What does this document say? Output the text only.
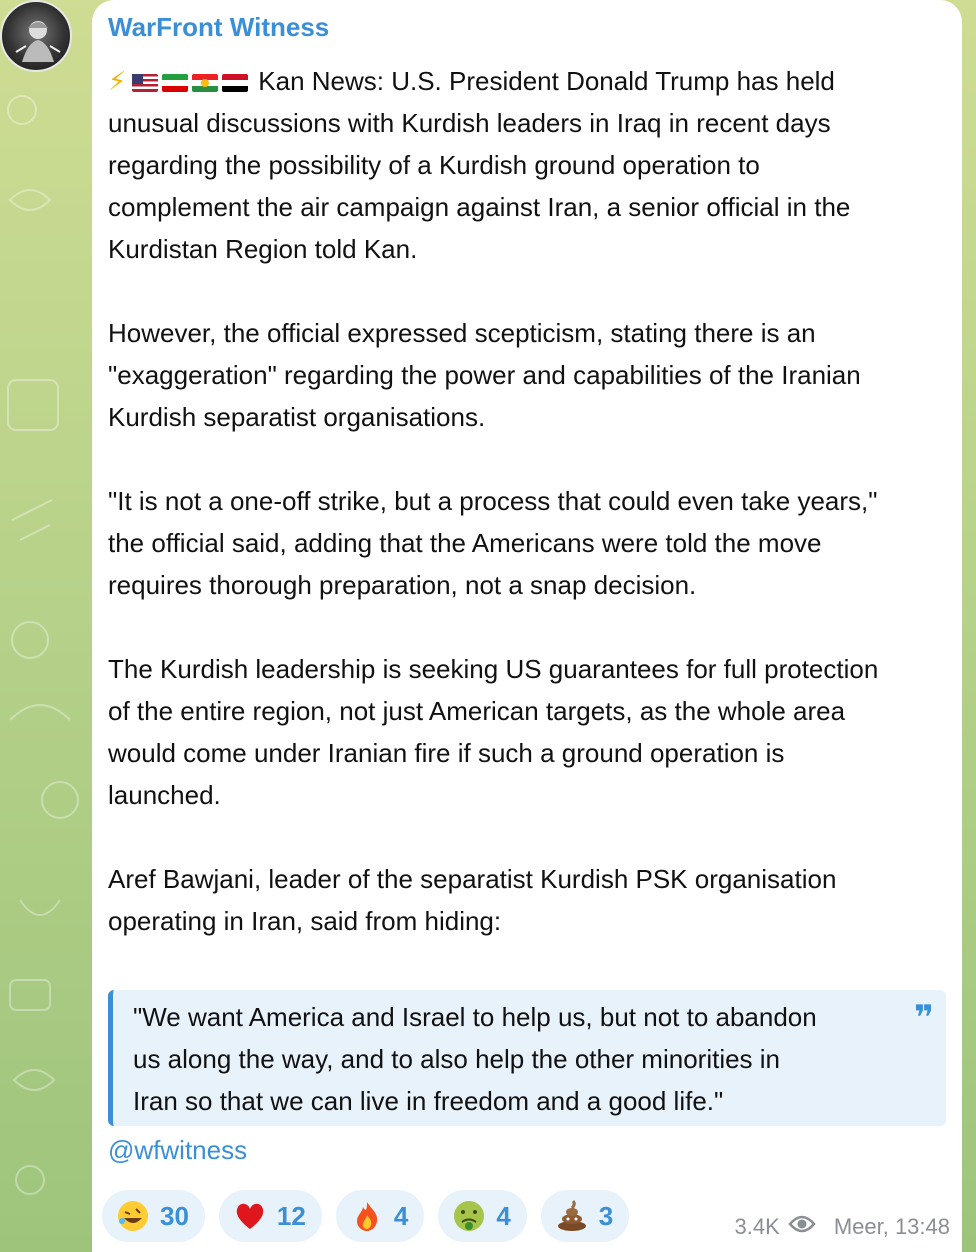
WarFront Witness

⚡	Kan News: U.S. President Donald Trump has held
unusual discussions with Kurdish leaders in Iraq in recent days
regarding the possibility of a Kurdish ground operation to
complement the air campaign against Iran, a senior official in the
Kurdistan Region told Kan.

However, the official expressed scepticism, stating there is an
"exaggeration" regarding the power and capabilities of the Iranian
Kurdish separatist organisations.

"It is not a one-off strike, but a process that could even take years,"
the official said, adding that the Americans were told the move
requires thorough preparation, not a snap decision.

The Kurdish leadership is seeking US guarantees for full protection
of the entire region, not just American targets, as the whole area
would come under Iranian fire if such a ground operation is
launched.

Aref Bawjani, leader of the separatist Kurdish PSK organisation
operating in Iran, said from hiding:

"We want America and Israel to help us, but not to abandon
us along the way, and to also help the other minorities in
Iran so that we can live in freedom and a good life."

❞
@wfwitness
30	12	4	4	3	3.4K Meer, 13:48
